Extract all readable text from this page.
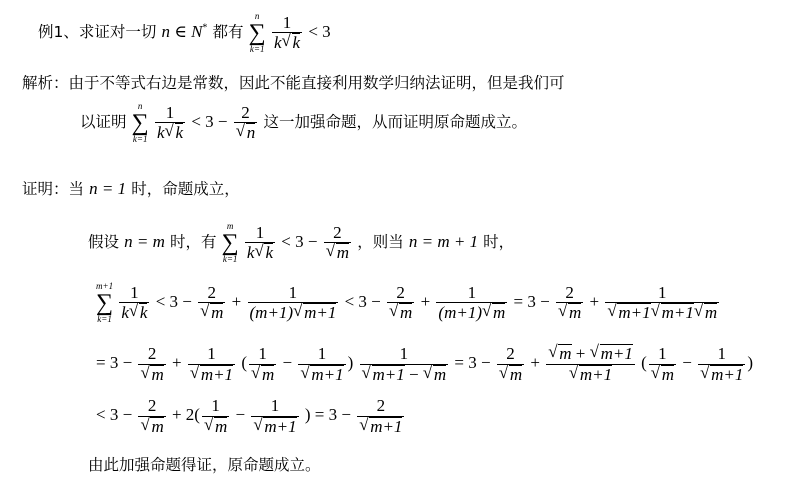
例1、求证对一切 n ∈ N* 都有
n
∑
k=1
$\frac{1}{k √ k} < 3$
解析：由于不等式右边是常数，因此不能直接利用数学归纳法证明，但是我们可
以证明
n
∑
k=1
$\frac{1}{k √ k} < 3 - 2$
√ n 这一加强命题，从而证明原命题成立。
证明：当 n = 1 时，命题成立，
假设 n = m 时，有
m
∑
k=1
$\frac{1}{k √ k} < 3 - 2$
√ m ，则当 n = m + 1 时，
m+1
∑
k=1
$\frac{1}{k √ k} < 3 - 2$
√ $m + \frac{1}{(m+1) √ m+1} < 3 - 2$
√ $m + \frac{1}{(m+1) √ m} = 3 - 2$
√ m + 1
√ m+1 √ m+1 √ m
= 3 − 2
√ m + 1
√ m+1 ( 1
√ m − 1
√ m+1 ) 1
√ m+1 − √ m = 3 − 2
√ m + √ m + √ m+1
√ m+1 ( 1
√ m − 1
√ m+1 )
< 3 − 2
√ m + 2( 1
√ m − 1
√ m+1 ) = 3 − 2
√ m+1
由此加强命题得证，原命题成立。
